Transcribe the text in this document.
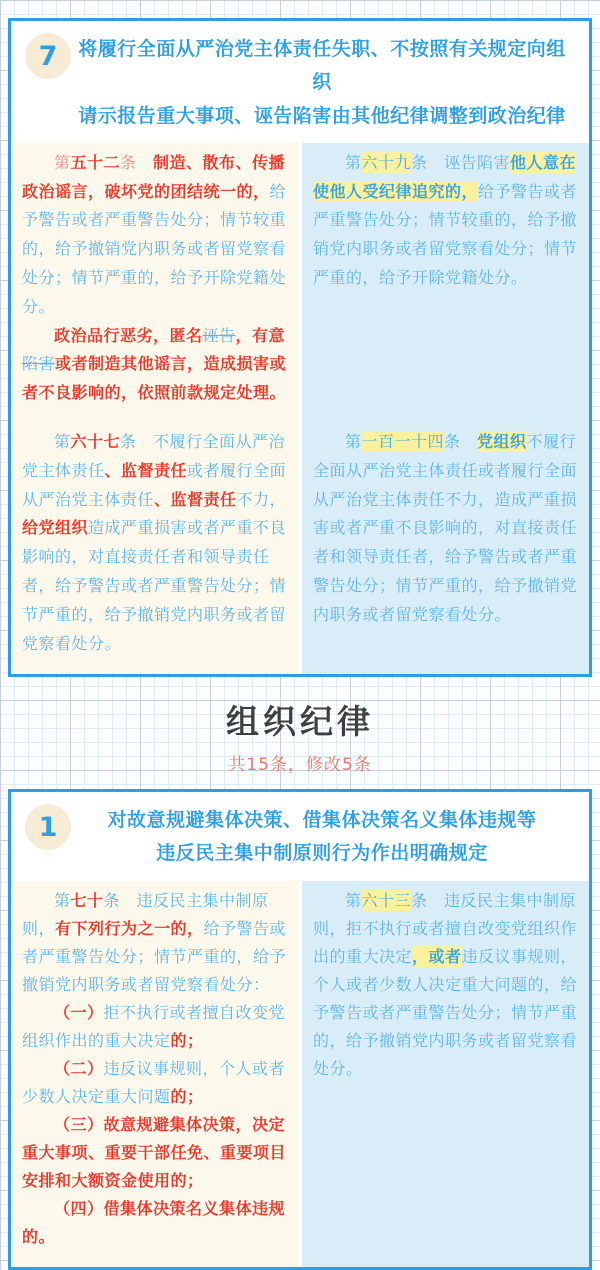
7	将履行全面从严治党主体责任失职、不按照有关规定向组织
请示报告重大事项、诬告陷害由其他纪律调整到政治纪律

第五十二条　制造、散布、传播政治谣言，破坏党的团结统一的，给予警告或者严重警告处分；情节较重的，给予撤销党内职务或者留党察看处分；情节严重的，给予开除党籍处分。

政治品行恶劣，匿名诬告，有意陷害或者制造其他谣言，造成损害或者不良影响的，依照前款规定处理。

第六十九条　诬告陷害他人意在使他人受纪律追究的，给予警告或者严重警告处分；情节较重的，给予撤销党内职务或者留党察看处分；情节严重的，给予开除党籍处分。

第六十七条　不履行全面从严治党主体责任、监督责任或者履行全面从严治党主体责任、监督责任不力，给党组织造成严重损害或者严重不良影响的，对直接责任者和领导责任者，给予警告或者严重警告处分；情节严重的，给予撤销党内职务或者留党察看处分。

第一百一十四条　党组织不履行全面从严治党主体责任或者履行全面从严治党主体责任不力，造成严重损害或者严重不良影响的，对直接责任者和领导责任者，给予警告或者严重警告处分；情节严重的，给予撤销党内职务或者留党察看处分。

组织纪律
共15条，修改5条
1	对故意规避集体决策、借集体决策名义集体违规等
违反民主集中制原则行为作出明确规定

第七十条　违反民主集中制原则，有下列行为之一的，给予警告或者严重警告处分；情节严重的，给予撤销党内职务或者留党察看处分：

（一）拒不执行或者擅自改变党组织作出的重大决定的；

（二）违反议事规则，个人或者少数人决定重大问题的；

（三）故意规避集体决策，决定重大事项、重要干部任免、重要项目安排和大额资金使用的；

（四）借集体决策名义集体违规的。

第六十三条　违反民主集中制原则，拒不执行或者擅自改变党组织作出的重大决定，或者违反议事规则，个人或者少数人决定重大问题的，给予警告或者严重警告处分；情节严重的，给予撤销党内职务或者留党察看处分。
